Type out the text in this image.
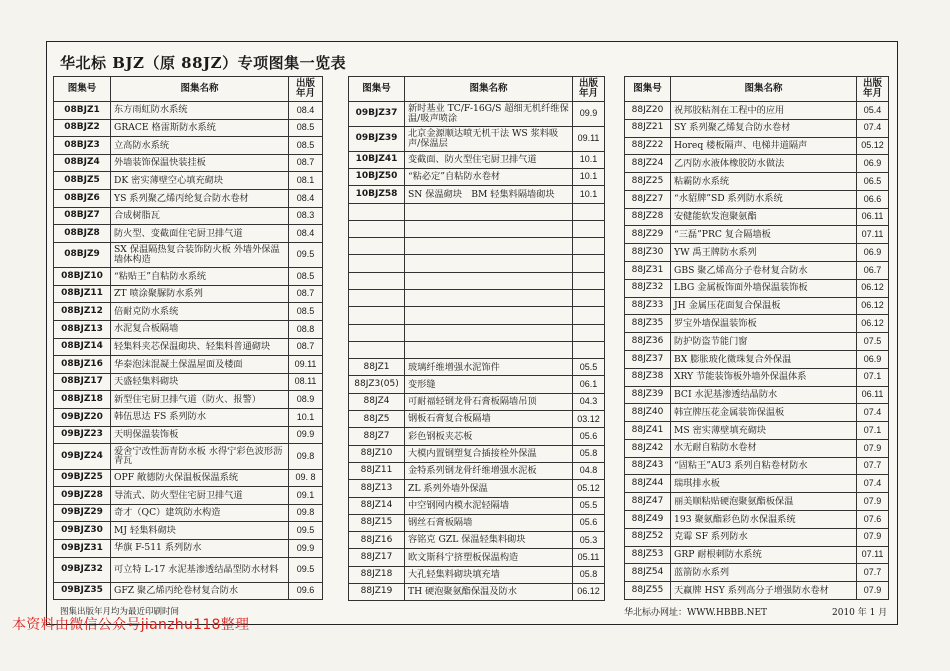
华北标 BJZ（原 88JZ）专项图集一览表
图集号	图集名称	出版
年月
08BJZ1	东方雨虹防水系统	08.4
08BJZ2	GRACE 格雷斯防水系统	08.5
08BJZ3	立高防水系统	08.5
08BJZ4	外墙装饰保温快装挂板	08.7
08BJZ5	DK 密实薄壁空心填充砌块	08.1
08BJZ6	YS 系列聚乙烯丙纶复合防水卷材	08.4
08BJZ7	合成树脂瓦	08.3
08BJZ8	防火型、变截面住宅厨卫排气道	08.4
08BJZ9	SX 保温隔热复合装饰防火板 外墙外保温墙体构造	09.5
08BJZ10	“粘贴王”自粘防水系统	08.5
08BJZ11	ZT 喷涂聚脲防水系列	08.7
08BJZ12	倍耐克防水系统	08.5
08BJZ13	水泥复合板隔墙	08.8
08BJZ14	轻集料夹芯保温砌块、轻集料普通砌块	08.7
08BJZ16	华泰泡沫混凝土保温屋面及楼面	09.11
08BJZ17	天盛轻集料砌块	08.11
08BJZ18	新型住宅厨卫排气道（防火、报警）	08.9
09BJZ20	韩伍思达 FS 系列防水	10.1
09BJZ23	天明保温装饰板	09.9
09BJZ24	爱舍宁改性沥青防水板 水得宁彩色波形沥青瓦	09.8
09BJZ25	OPF 敞德防火保温板保温系统	09. 8
09BJZ28	导流式、防火型住宅厨卫排气道	09.1
09BJZ29	奇才（QC）建筑防水构造	09.8
09BJZ30	MJ 轻集料砌块	09.5
09BJZ31	华旗 F-511 系列防水	09.9
09BJZ32	可立特 L-17 水泥基渗透结晶型防水材料	09.5
09BJZ35	GFZ 聚乙烯丙纶卷材复合防水	09.6
图集号	图集名称	出版
年月
09BJZ37	新时基业 TC/F-16G/S 超细无机纤维保温/吸声喷涂	09.9
09BJZ39	北京金源顺达喷无机干法 WS 浆料吸声/保温层	09.11
10BJZ41	变截面、防火型住宅厨卫排气道	10.1
10BJZ50	“粘必定”自粘防水卷材	10.1
10BJZ58	SN 保温砌块　BM 轻集料隔墙砌块	10.1

88JZ1	玻璃纤维增强水泥饰件	05.5
88JZ3(05)	变形缝	06.1
88JZ4	可耐福轻钢龙骨石膏板隔墙吊顶	04.3
88JZ5	钢板石膏复合板隔墙	03.12
88JZ7	彩色钢板夹芯板	05.6
88JZ10	大模内置钢塑复合插接栓外保温	05.8
88JZ11	金特系列钢龙骨纤维增强水泥板	04.8
88JZ13	ZL 系列外墙外保温	05.12
88JZ14	中空钢网内模水泥轻隔墙	05.5
88JZ15	钢丝石膏板隔墙	05.6
88JZ16	容铭克 GZL 保温轻集料砌块	05.3
88JZ17	欧文斯科宁挤塑板保温构造	05.11
88JZ18	大孔轻集料砌块填充墙	05.8
88JZ19	TH 硬泡聚氨酯保温及防水	06.12
图集号	图集名称	出版
年月
88JZ20	祝邦胶粘剂在工程中的应用	05.4
88JZ21	SY 系列聚乙烯复合防水卷材	07.4
88JZ22	Horeq 楼板隔声、电梯井道隔声	05.12
88JZ24	乙丙防水液体橡胶防水做法	06.9
88JZ25	粘霸防水系统	06.5
88JZ27	“水貂牌”SD 系列防水系统	06.6
88JZ28	安健能软发泡聚氨酯	06.11
88JZ29	“三磊”PRC 复合隔墙板	07.11
88JZ30	YW 禹王牌防水系列	06.9
88JZ31	GBS 聚乙烯高分子卷材复合防水	06.7
88JZ32	LBG 金属板饰面外墙保温装饰板	06.12
88JZ33	JH 金属压花面复合保温板	06.12
88JZ35	罗宝外墙保温装饰板	06.12
88JZ36	防护防盗节能门窗	07.5
88JZ37	BX 膨胀玻化微珠复合外保温	06.9
88JZ38	XRY 节能装饰板外墙外保温体系	07.1
88JZ39	BCI 水泥基渗透结晶防水	06.11
88JZ40	韩宣牌压花金属装饰保温板	07.4
88JZ41	MS 密实薄壁填充砌块	07.1
88JZ42	水无耐自粘防水卷材	07.9
88JZ43	“固粘王”AU3 系列自粘卷材防水	07.7
88JZ44	瑞琪排水板	07.4
88JZ47	丽美顺粘贴硬泡聚氨酯板保温	07.9
88JZ49	193 聚氨酯彩色防水保温系统	07.6
88JZ52	克霉 SF 系列防水	07.9
88JZ53	GRP 耐根刺防水系统	07.11
88JZ54	蓝箭防水系列	07.7
88JZ55	天赢牌 HSY 系列高分子增强防水卷材	07.9
图集出版年月均为最近印刷时间	华北标办网址：WWW.HBBB.NET	2010 年 1 月
本资料由微信公众号jianzhu118整理
